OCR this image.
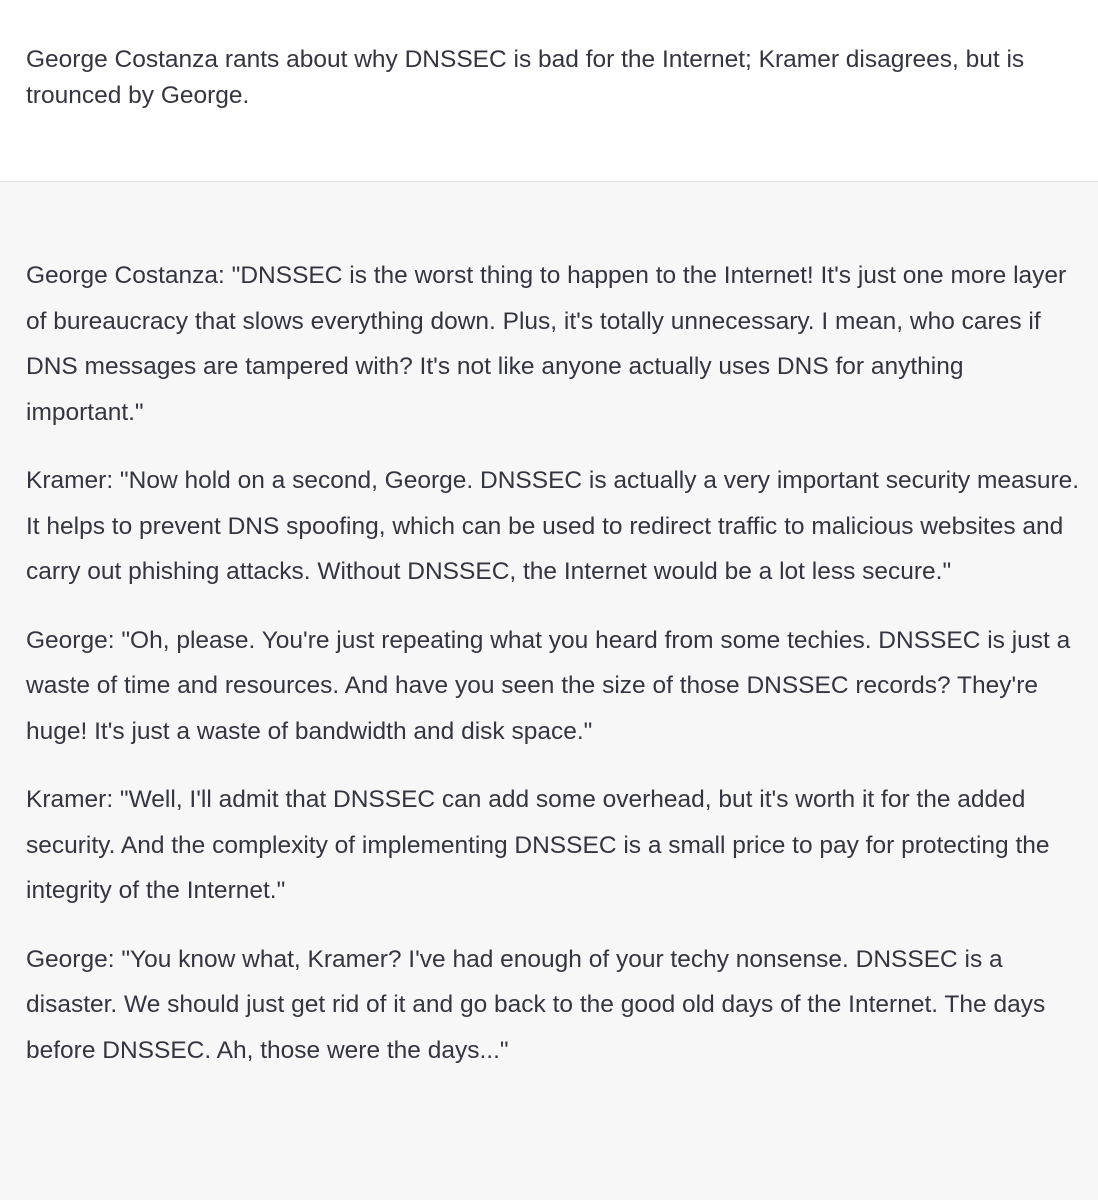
George Costanza rants about why DNSSEC is bad for the Internet; Kramer disagrees, but is trounced by George.

George Costanza: "DNSSEC is the worst thing to happen to the Internet! It's just one more layer of bureaucracy that slows everything down. Plus, it's totally unnecessary. I mean, who cares if DNS messages are tampered with? It's not like anyone actually uses DNS for anything important."

Kramer: "Now hold on a second, George. DNSSEC is actually a very important security measure. It helps to prevent DNS spoofing, which can be used to redirect traffic to malicious websites and carry out phishing attacks. Without DNSSEC, the Internet would be a lot less secure."

George: "Oh, please. You're just repeating what you heard from some techies. DNSSEC is just a waste of time and resources. And have you seen the size of those DNSSEC records? They're huge! It's just a waste of bandwidth and disk space."

Kramer: "Well, I'll admit that DNSSEC can add some overhead, but it's worth it for the added security. And the complexity of implementing DNSSEC is a small price to pay for protecting the integrity of the Internet."

George: "You know what, Kramer? I've had enough of your techy nonsense. DNSSEC is a disaster. We should just get rid of it and go back to the good old days of the Internet. The days before DNSSEC. Ah, those were the days..."
